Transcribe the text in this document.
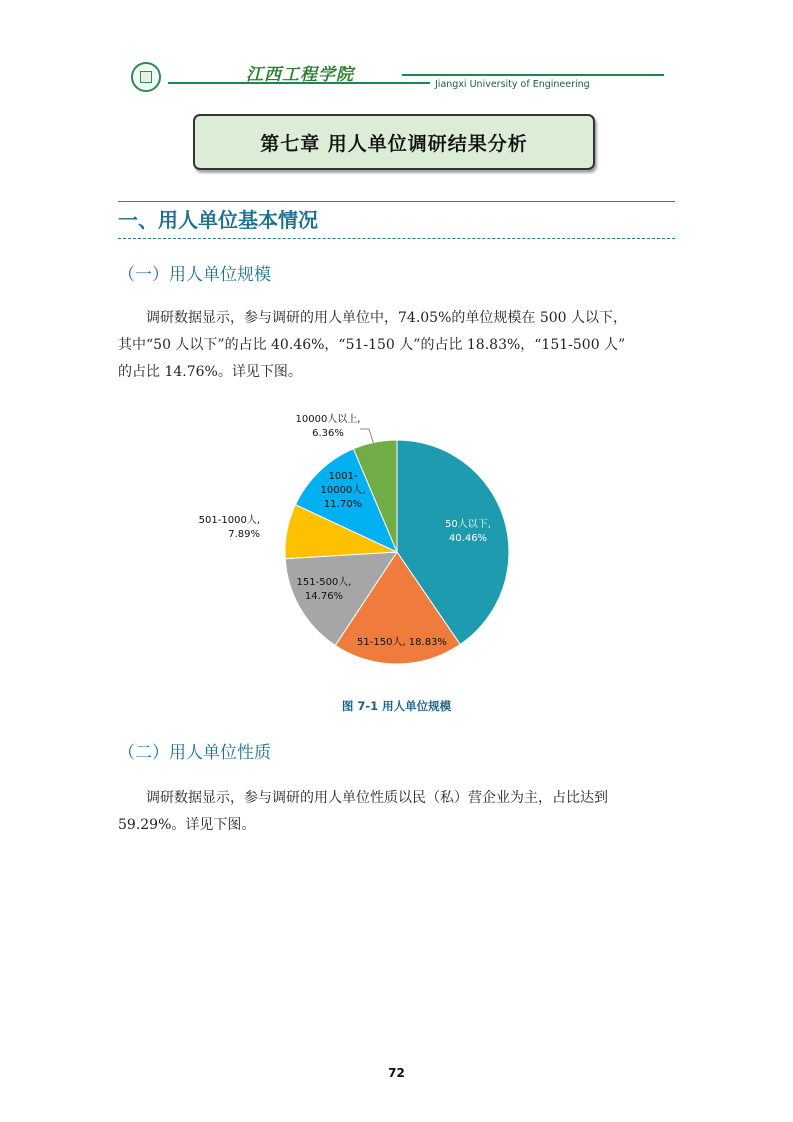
江西工程学院	Jiangxi University of Engineering
第七章 用人单位调研结果分析
一、用人单位基本情况
（一）用人单位规模

调研数据显示，参与调研的用人单位中，74.05%的单位规模在 500 人以下，

其中“50 人以下”的占比 40.46%，“51-150 人”的占比 18.83%，“151-500 人”

的占比 14.76%。详见下图。

50人以下, 40.46%
51-150人, 18.83%
151-500人, 14.76%
501-1000人, 7.89%
1001-10000人, 11.70%
10000人以上, 6.36%
图 7-1 用人单位规模
（二）用人单位性质

调研数据显示，参与调研的用人单位性质以民（私）营企业为主，占比达到

59.29%。详见下图。

72
